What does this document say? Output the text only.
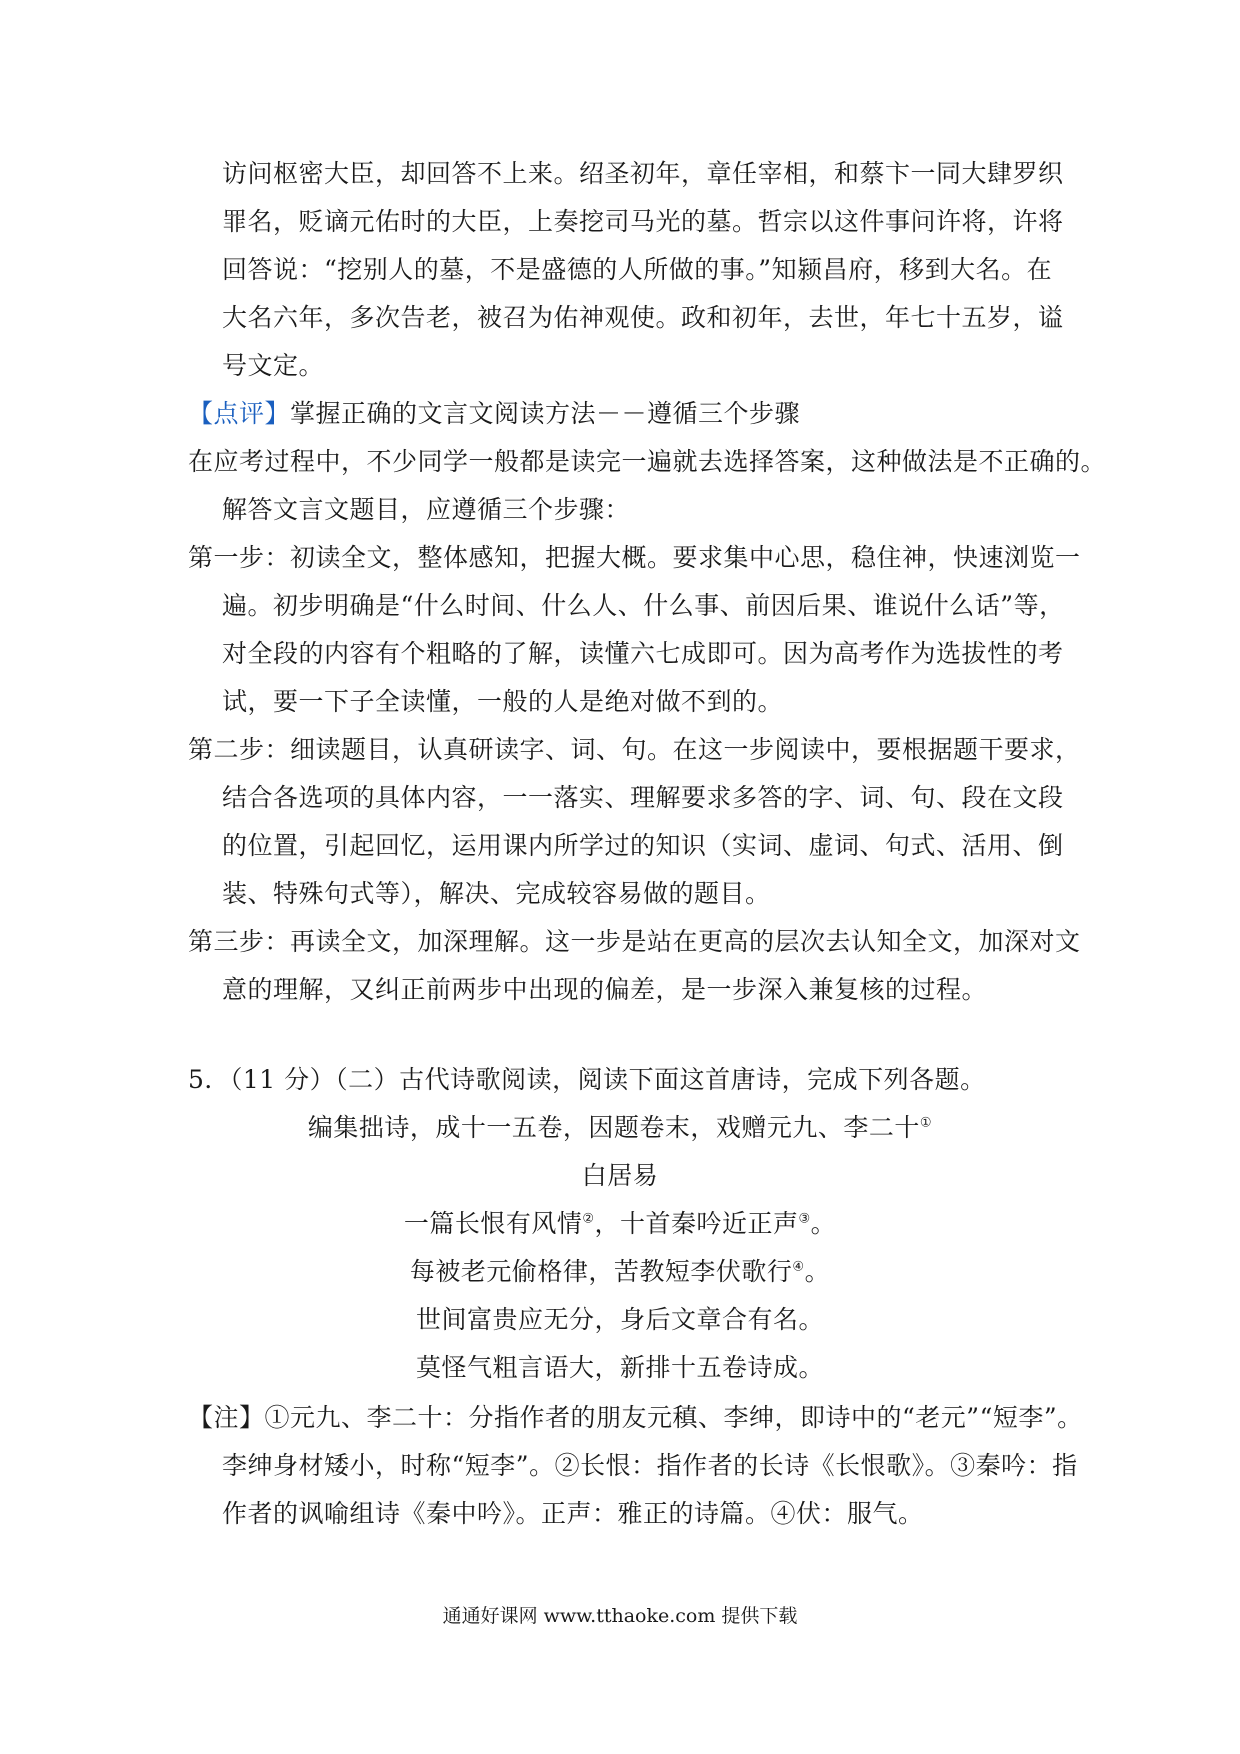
访问枢密大臣，却回答不上来。绍圣初年，章任宰相，和蔡卞一同大肆罗织
罪名，贬谪元佑时的大臣，上奏挖司马光的墓。哲宗以这件事问许将，许将
回答说：“挖别人的墓，不是盛德的人所做的事。”知颍昌府，移到大名。在
大名六年，多次告老，被召为佑神观使。政和初年，去世，年七十五岁，谥
号文定。
【点评】掌握正确的文言文阅读方法－－遵循三个步骤
在应考过程中，不少同学一般都是读完一遍就去选择答案，这种做法是不正确的。
解答文言文题目，应遵循三个步骤：
第一步：初读全文，整体感知，把握大概。要求集中心思，稳住神，快速浏览一
遍。初步明确是“什么时间、什么人、什么事、前因后果、谁说什么话”等，
对全段的内容有个粗略的了解，读懂六七成即可。因为高考作为选拔性的考
试，要一下子全读懂，一般的人是绝对做不到的。
第二步：细读题目，认真研读字、词、句。在这一步阅读中，要根据题干要求，
结合各选项的具体内容，一一落实、理解要求多答的字、词、句、段在文段
的位置，引起回忆，运用课内所学过的知识（实词、虚词、句式、活用、倒
装、特殊句式等），解决、完成较容易做的题目。
第三步：再读全文，加深理解。这一步是站在更高的层次去认知全文，加深对文
意的理解，又纠正前两步中出现的偏差，是一步深入兼复核的过程。
5．（11 分）（二）古代诗歌阅读，阅读下面这首唐诗，完成下列各题。
编集拙诗，成十一五卷，因题卷末，戏赠元九、李二十①
白居易
一篇长恨有风情②，十首秦吟近正声③。
每被老元偷格律，苦教短李伏歌行④。
世间富贵应无分，身后文章合有名。
莫怪气粗言语大，新排十五卷诗成。
【注】①元九、李二十：分指作者的朋友元稹、李绅，即诗中的“老元”“短李”。
李绅身材矮小，时称“短李”。②长恨：指作者的长诗《长恨歌》。③秦吟：指
作者的讽喻组诗《秦中吟》。正声：雅正的诗篇。④伏：服气。
通通好课网 www.tthaoke.com 提供下载
